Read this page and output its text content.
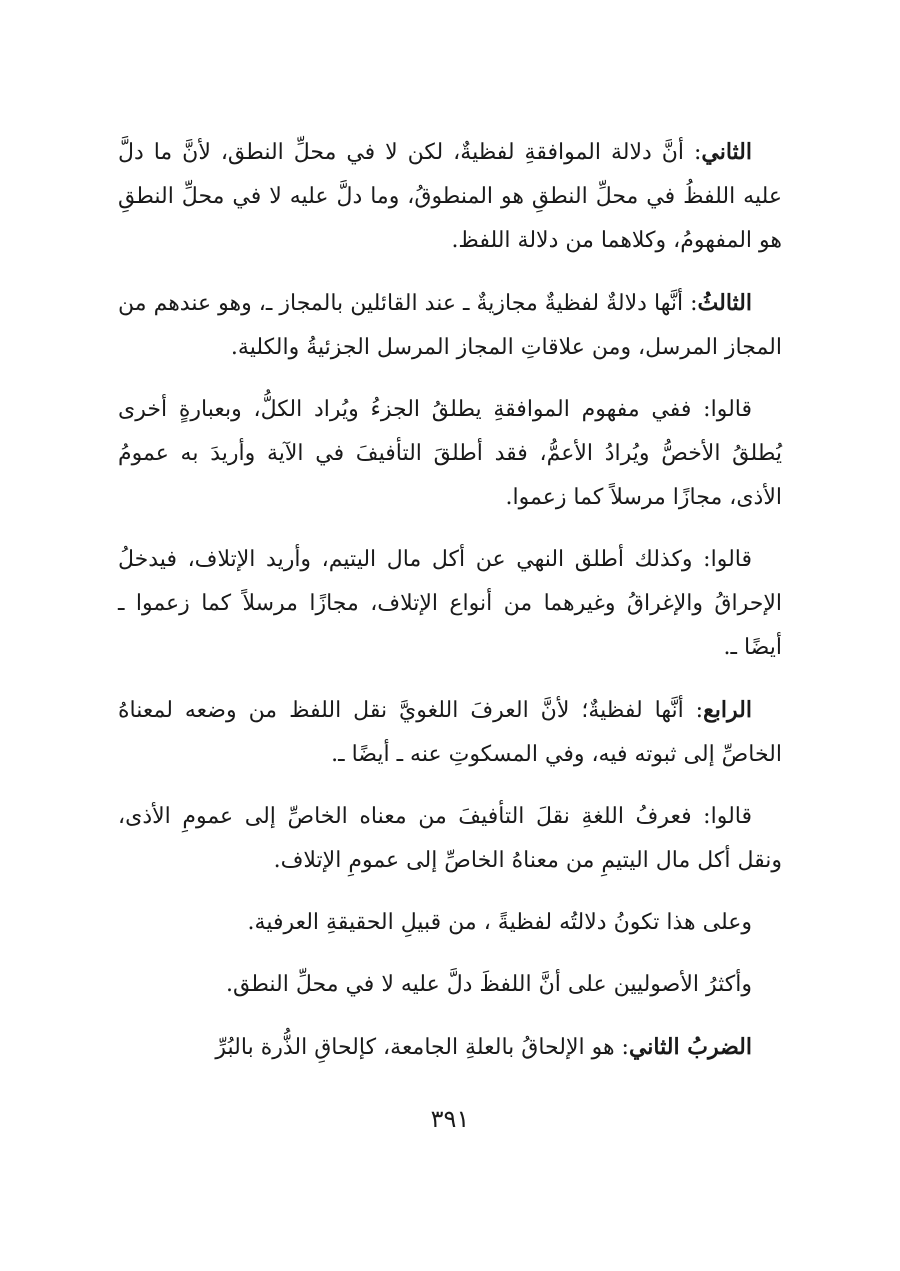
الثاني: أنَّ دلالة الموافقةِ لفظيةٌ، لكن لا في محلِّ النطق، لأنَّ ما دلَّ عليه اللفظُ في محلِّ النطقِ هو المنطوقُ، وما دلَّ عليه لا في محلِّ النطقِ هو المفهومُ، وكلاهما من دلالة اللفظ.

الثالثُ: أنَّها دلالةٌ لفظيةٌ مجازيةٌ ـ عند القائلين بالمجاز ـ، وهو عندهم من المجاز المرسل، ومن علاقاتِ المجاز المرسل الجزئيةُ والكلية.

قالوا: ففي مفهوم الموافقةِ يطلقُ الجزءُ ويُراد الكلُّ، وبعبارةٍ أخرى يُطلقُ الأخصُّ ويُرادُ الأعمُّ، فقد أطلقَ التأفيفَ في الآية وأريدَ به عمومُ الأذى، مجازًا مرسلاً كما زعموا.

قالوا: وكذلك أطلق النهي عن أكل مال اليتيم، وأريد الإتلاف، فيدخلُ الإحراقُ والإغراقُ وغيرهما من أنواع الإتلاف، مجازًا مرسلاً كما زعموا ـ أيضًا ـ.

الرابع: أنَّها لفظيةٌ؛ لأنَّ العرفَ اللغويَّ نقل اللفظ من وضعه لمعناهُ الخاصِّ إلى ثبوته فيه، وفي المسكوتِ عنه ـ أيضًا ـ.

قالوا: فعرفُ اللغةِ نقلَ التأفيفَ من معناه الخاصِّ إلى عمومِ الأذى، ونقل أكل مال اليتيمِ من معناهُ الخاصِّ إلى عمومِ الإتلاف.

وعلى هذا تكونُ دلالتُه لفظيةً ، من قبيلِ الحقيقةِ العرفية.

وأكثرُ الأصوليين على أنَّ اللفظَ دلَّ عليه لا في محلِّ النطق.

الضربُ الثاني: هو الإلحاقُ بالعلةِ الجامعة، كإلحاقِ الذُّرة بالبُرِّ

٣٩١
